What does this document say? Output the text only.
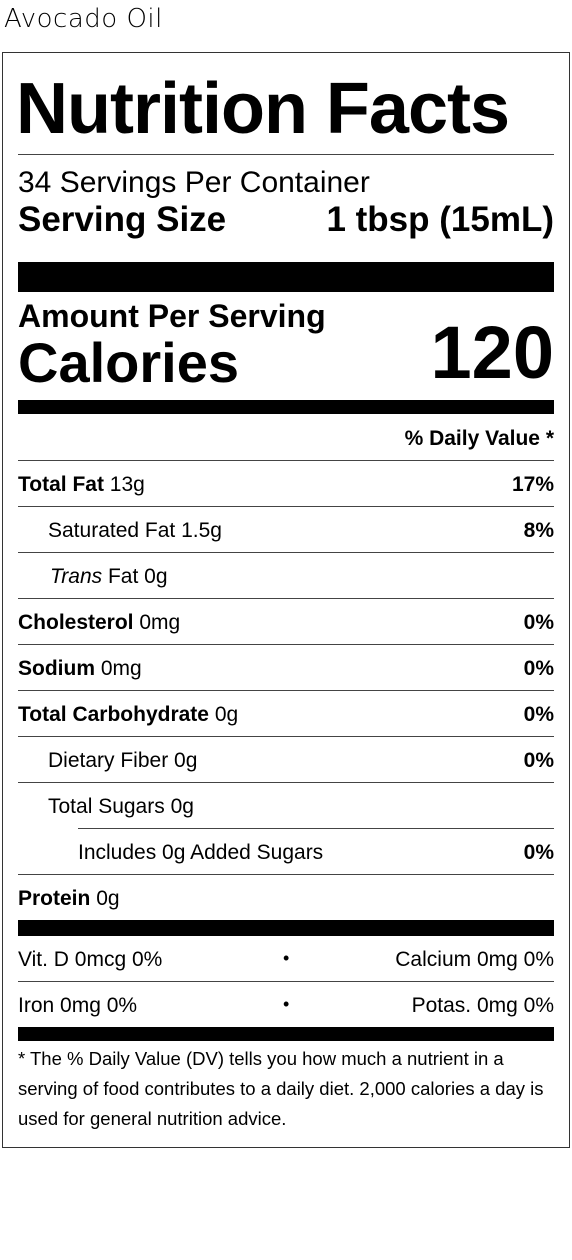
Avocado Oil
Nutrition Facts
34 Servings Per Container
Serving Size	1 tbsp (15mL)
Amount Per Serving
Calories	120
% Daily Value *
Total Fat 13g	17%
Saturated Fat 1.5g	8%
Trans Fat 0g
Cholesterol 0mg	0%
Sodium 0mg	0%
Total Carbohydrate 0g	0%
Dietary Fiber 0g	0%
Total Sugars 0g
Includes 0g Added Sugars	0%
Protein 0g
Vit. D 0mcg 0%	•	Calcium 0mg 0%
Iron 0mg 0%	•	Potas. 0mg 0%
* The % Daily Value (DV) tells you how much a nutrient in a serving of food contributes to a daily diet. 2,000 calories a day is used for general nutrition advice.
